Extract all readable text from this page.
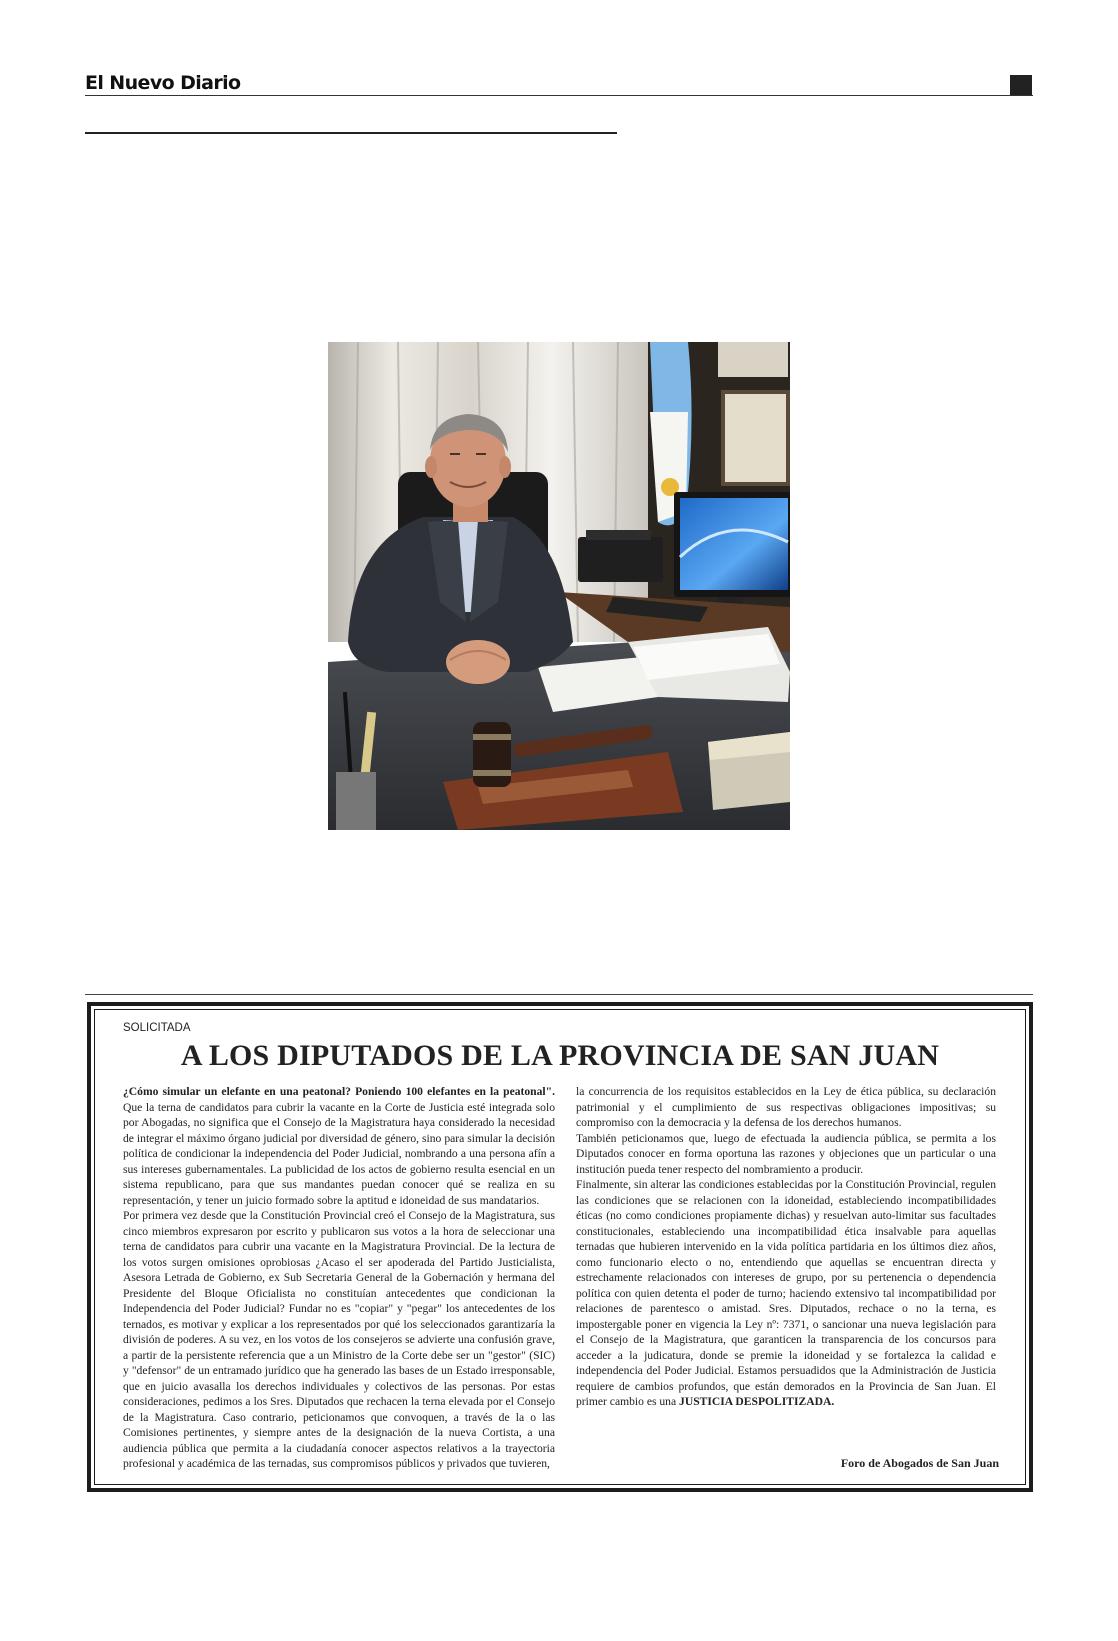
El Nuevo Diario
SOLICITADA
A LOS DIPUTADOS DE LA PROVINCIA DE SAN JUAN

¿Cómo simular un elefante en una peatonal? Poniendo 100 elefantes en la peatonal". Que la terna de candidatos para cubrir la vacante en la Corte de Justicia esté integrada solo por Abogadas, no significa que el Consejo de la Magistratura haya considerado la necesidad de integrar el máximo órgano judicial por diversidad de género, sino para simular la decisión política de condicionar la independencia del Poder Judicial, nombrando a una persona afín a sus intereses gubernamentales. La publicidad de los actos de gobierno resulta esencial en un sistema republicano, para que sus mandantes puedan conocer qué se realiza en su representación, y tener un juicio formado sobre la aptitud e idoneidad de sus mandatarios.

Por primera vez desde que la Constitución Provincial creó el Consejo de la Magistratura, sus cinco miembros expresaron por escrito y publicaron sus votos a la hora de seleccionar una terna de candidatos para cubrir una vacante en la Magistratura Provincial. De la lectura de los votos surgen omisiones oprobiosas ¿Acaso el ser apoderada del Partido Justicialista, Asesora Letrada de Gobierno, ex Sub Secretaria General de la Gobernación y hermana del Presidente del Bloque Oficialista no constituían antecedentes que condicionan la Independencia del Poder Judicial? Fundar no es "copiar" y "pegar" los antecedentes de los ternados, es motivar y explicar a los representados por qué los seleccionados garantizaría la división de poderes. A su vez, en los votos de los consejeros se advierte una confusión grave, a partir de la persistente referencia que a un Ministro de la Corte debe ser un "gestor" (SIC) y "defensor" de un entramado jurídico que ha generado las bases de un Estado irresponsable, que en juicio avasalla los derechos individuales y colectivos de las personas. Por estas consideraciones, pedimos a los Sres. Diputados que rechacen la terna elevada por el Consejo de la Magistratura. Caso contrario, peticionamos que convoquen, a través de la o las Comisiones pertinentes, y siempre antes de la designación de la nueva Cortista, a una audiencia pública que permita a la ciudadanía conocer aspectos relativos a la trayectoria profesional y académica de las ternadas, sus compromisos públicos y privados que tuvieren,

la concurrencia de los requisitos establecidos en la Ley de ética pública, su declaración patrimonial y el cumplimiento de sus respectivas obligaciones impositivas; su compromiso con la democracia y la defensa de los derechos humanos.

También peticionamos que, luego de efectuada la audiencia pública, se permita a los Diputados conocer en forma oportuna las razones y objeciones que un particular o una institución pueda tener respecto del nombramiento a producir.

Finalmente, sin alterar las condiciones establecidas por la Constitución Provincial, regulen las condiciones que se relacionen con la idoneidad, estableciendo incompatibilidades éticas (no como condiciones propiamente dichas) y resuelvan auto-limitar sus facultades constitucionales, estableciendo una incompatibilidad ética insalvable para aquellas ternadas que hubieren intervenido en la vida política partidaria en los últimos diez años, como funcionario electo o no, entendiendo que aquellas se encuentran directa y estrechamente relacionados con intereses de grupo, por su pertenencia o dependencia política con quien detenta el poder de turno; haciendo extensivo tal incompatibilidad por relaciones de parentesco o amistad. Sres. Diputados, rechace o no la terna, es impostergable poner en vigencia la Ley nº: 7371, o sancionar una nueva legislación para el Consejo de la Magistratura, que garanticen la transparencia de los concursos para acceder a la judicatura, donde se premie la idoneidad y se fortalezca la calidad e independencia del Poder Judicial. Estamos persuadidos que la Administración de Justicia requiere de cambios profundos, que están demorados en la Provincia de San Juan. El primer cambio es una JUSTICIA DESPOLITIZADA.

Foro de Abogados de San Juan
